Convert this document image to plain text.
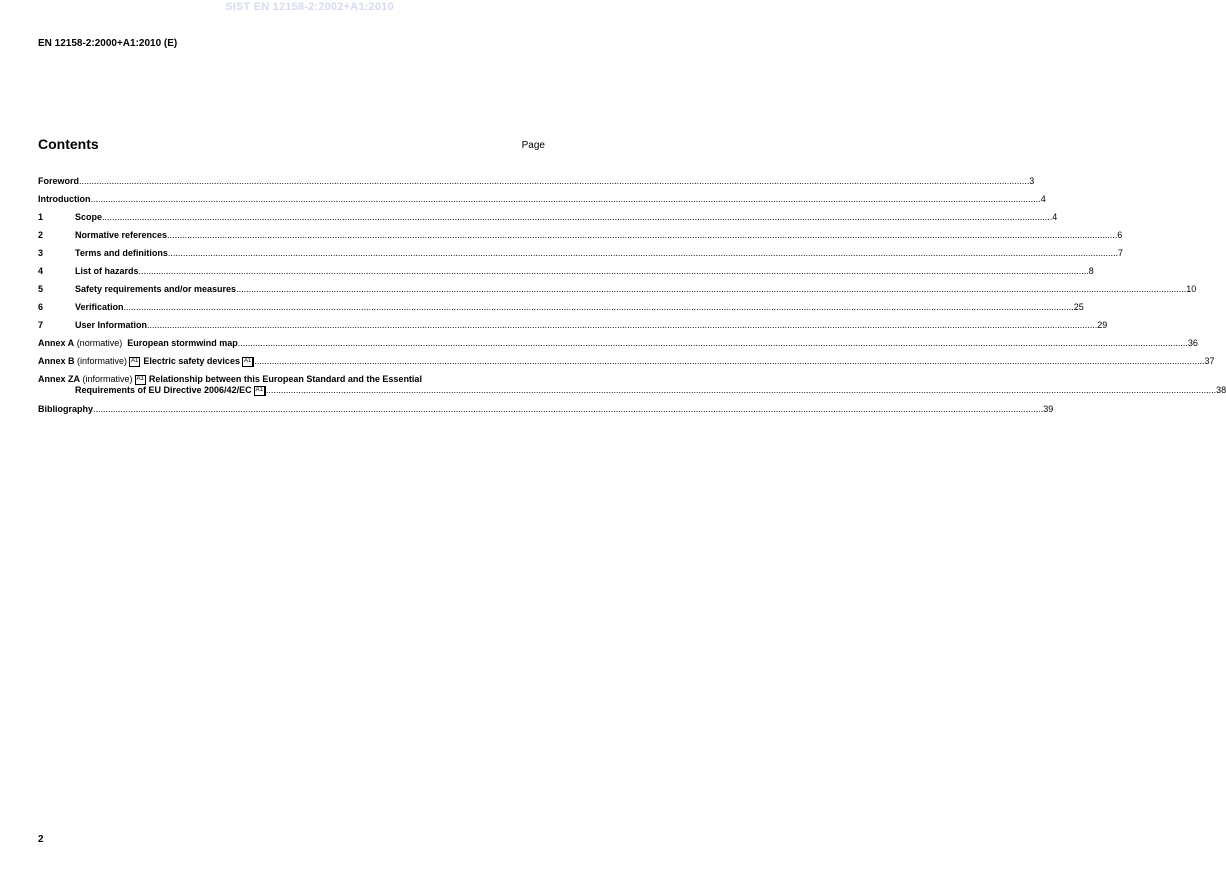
SIST EN 12158-2:2002+A1:2010
EN 12158-2:2000+A1:2010 (E)
Contents	Page
Foreword .....	3
Introduction .....	4
1	Scope .....	4
2	Normative references .....	6
3	Terms and definitions .....	7
4	List of hazards .....	8
5	Safety requirements and/or measures .....	10
6	Verification .....	25
7	User Information .....	29
Annex A (normative) European stormwind map .....	36
Annex B (informative) A1 Electric safety devices A1 .....	37
Annex ZA (informative) A1 Relationship between this European Standard and the Essential
Requirements of EU Directive 2006/42/EC A1 .....	38
Bibliography .....	39
2
